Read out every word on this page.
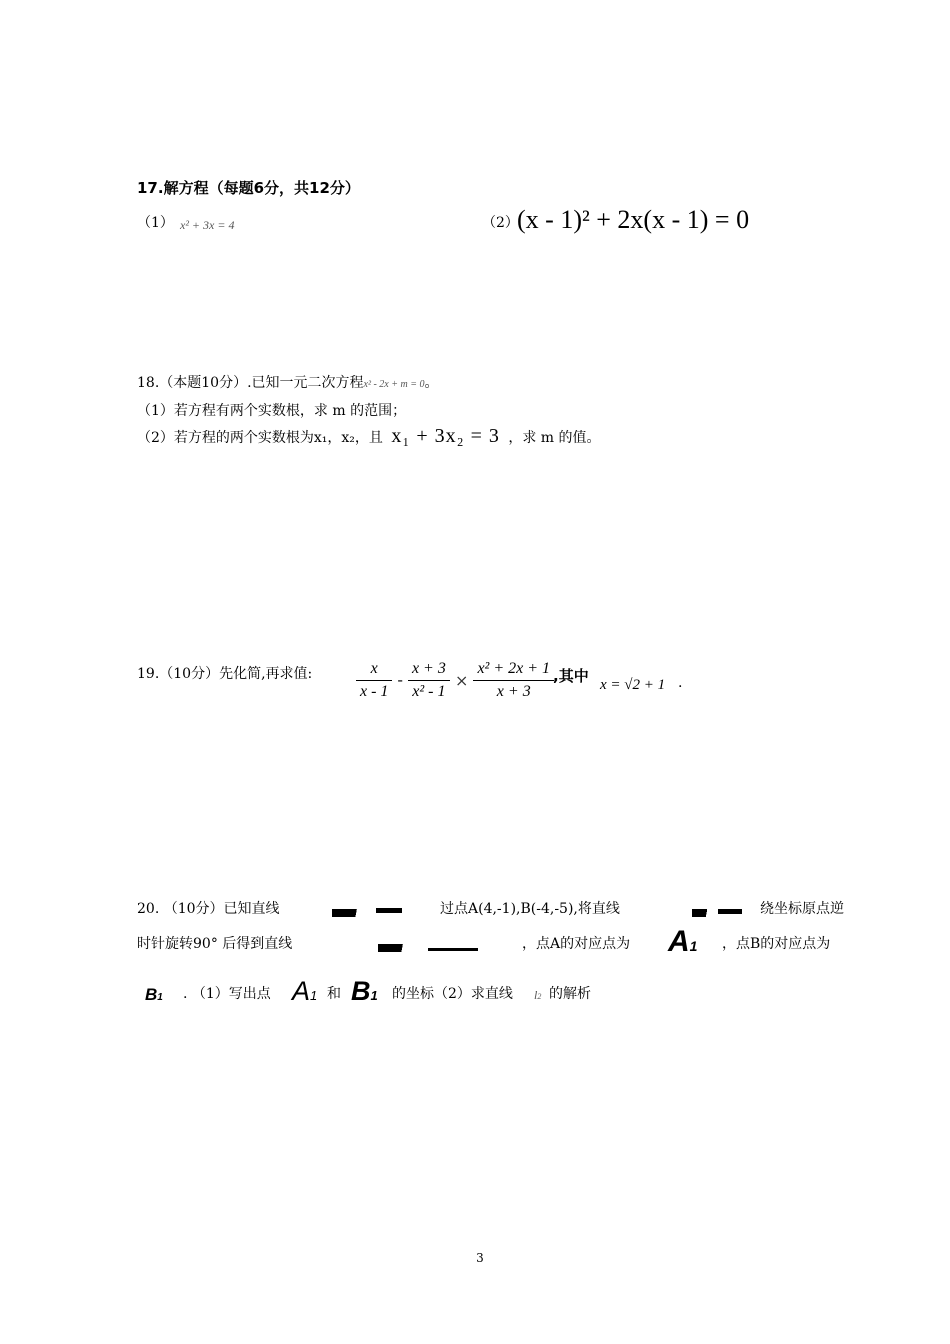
17.解方程（每题6分，共12分）
（1） x² + 3x = 4	（2）
(x - 1)² + 2x(x - 1) = 0
18.（本题10分）.已知一元二次方程x² - 2x + m = 0。
（1）若方程有两个实数根，求 m 的范围；
（2）若方程的两个实数根为x₁，x₂，且 x₁ + 3x₂ = 3 ，求 m 的值。
19.（10分）先化简,再求值:	$\frac{x}{x - 1} - \frac{x + 3}{\text{x² - 1}} \times \frac{\text{x² + 2x + 1}}{x + 3}$
,其中 x = √2 + 1 .
20. （10分）已知直线	过点A(4,-1),B(-4,-5),将直线	绕坐标原点逆
时针旋转90° 后得到直线	，点A的对应点为 A1 ，点B的对应点为
B1 . （1）写出点 A1 和 B1 的坐标（2）求直线 l2 的解析
3
